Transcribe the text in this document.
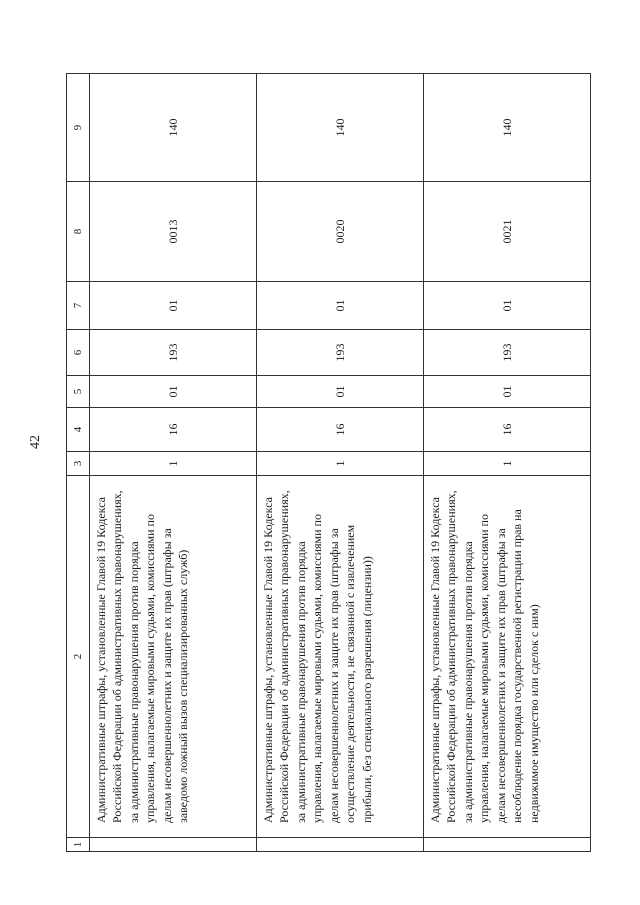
42
1	2	3	4	5	6	7	8	9
	Административные штрафы, установленные Главой 19 Кодекса Российской Федерации об административных правонарушениях, за административные правонарушения против порядка управления, налагаемые мировыми судьями, комиссиями по делам несовершеннолетних и защите их прав (штрафы за заведомо ложный вызов специализированных служб)	1	16	01	193	01	0013	140
	Административные штрафы, установленные Главой 19 Кодекса Российской Федерации об административных правонарушениях, за административные правонарушения против порядка управления, налагаемые мировыми судьями, комиссиями по делам несовершеннолетних и защите их прав (штрафы за осуществление деятельности, не связанной с извлечением прибыли, без специального разрешения (лицензии))	1	16	01	193	01	0020	140
	Административные штрафы, установленные Главой 19 Кодекса Российской Федерации об административных правонарушениях, за административные правонарушения против порядка управления, налагаемые мировыми судьями, комиссиями по делам несовершеннолетних и защите их прав (штрафы за несоблюдение порядка государственной регистрации прав на недвижимое имущество или сделок с ним)	1	16	01	193	01	0021	140
